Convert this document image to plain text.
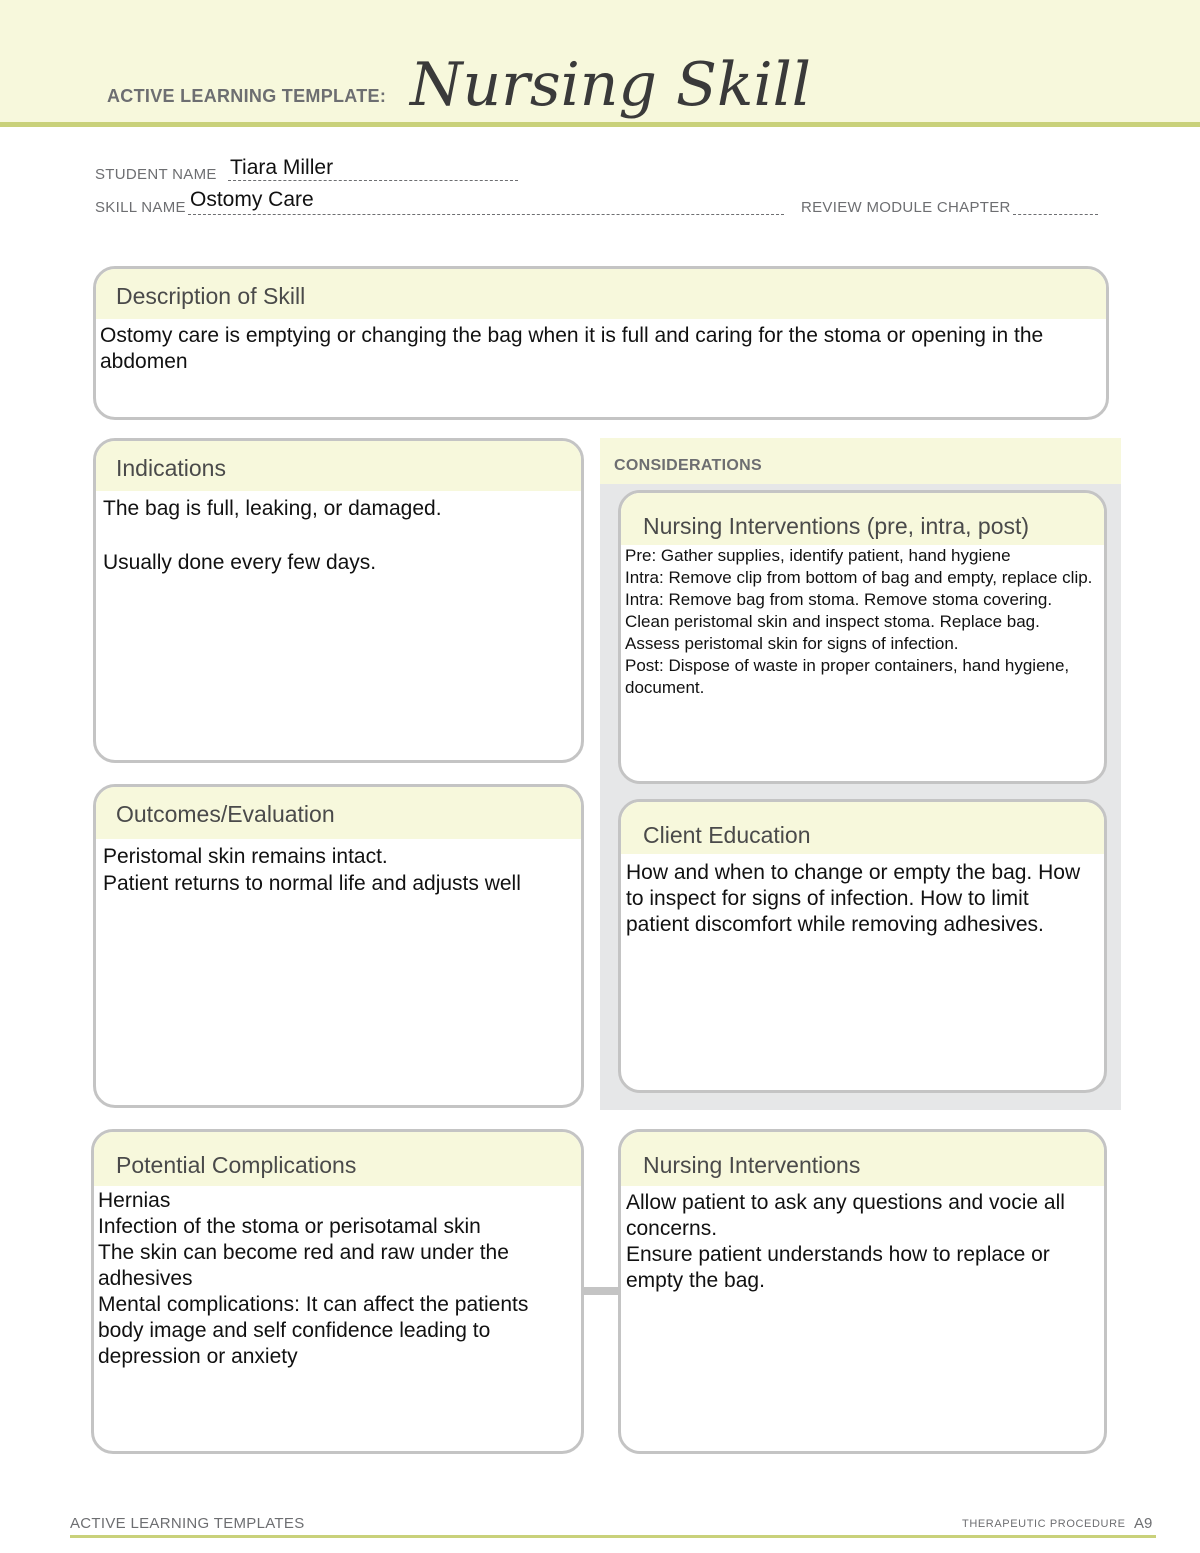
ACTIVE LEARNING TEMPLATE: Nursing Skill
STUDENT NAME Tiara Miller
SKILL NAME Ostomy Care	REVIEW MODULE CHAPTER
Description of Skill
Ostomy care is emptying or changing the bag when it is full and caring for the stoma or opening in the abdomen
Indications
The bag is full, leaking, or damaged.

Usually done every few days.
CONSIDERATIONS
Nursing Interventions (pre, intra, post)
Pre: Gather supplies, identify patient, hand hygiene
Intra: Remove clip from bottom of bag and empty, replace clip.
Intra: Remove bag from stoma. Remove stoma covering. Clean peristomal skin and inspect stoma. Replace bag. Assess peristomal skin for signs of infection.
Post: Dispose of waste in proper containers, hand hygiene, document.
Client Education
How and when to change or empty the bag. How to inspect for signs of infection. How to limit patient discomfort while removing adhesives.
Outcomes/Evaluation
Peristomal skin remains intact.
Patient returns to normal life and adjusts well
Potential Complications
Hernias
Infection of the stoma or perisotamal skin
The skin can become red and raw under the adhesives
Mental complications: It can affect the patients body image and self confidence leading to depression or anxiety
Nursing Interventions
Allow patient to ask any questions and vocie all concerns.
Ensure patient understands how to replace or empty the bag.
ACTIVE LEARNING TEMPLATES	THERAPEUTIC PROCEDURE A9
